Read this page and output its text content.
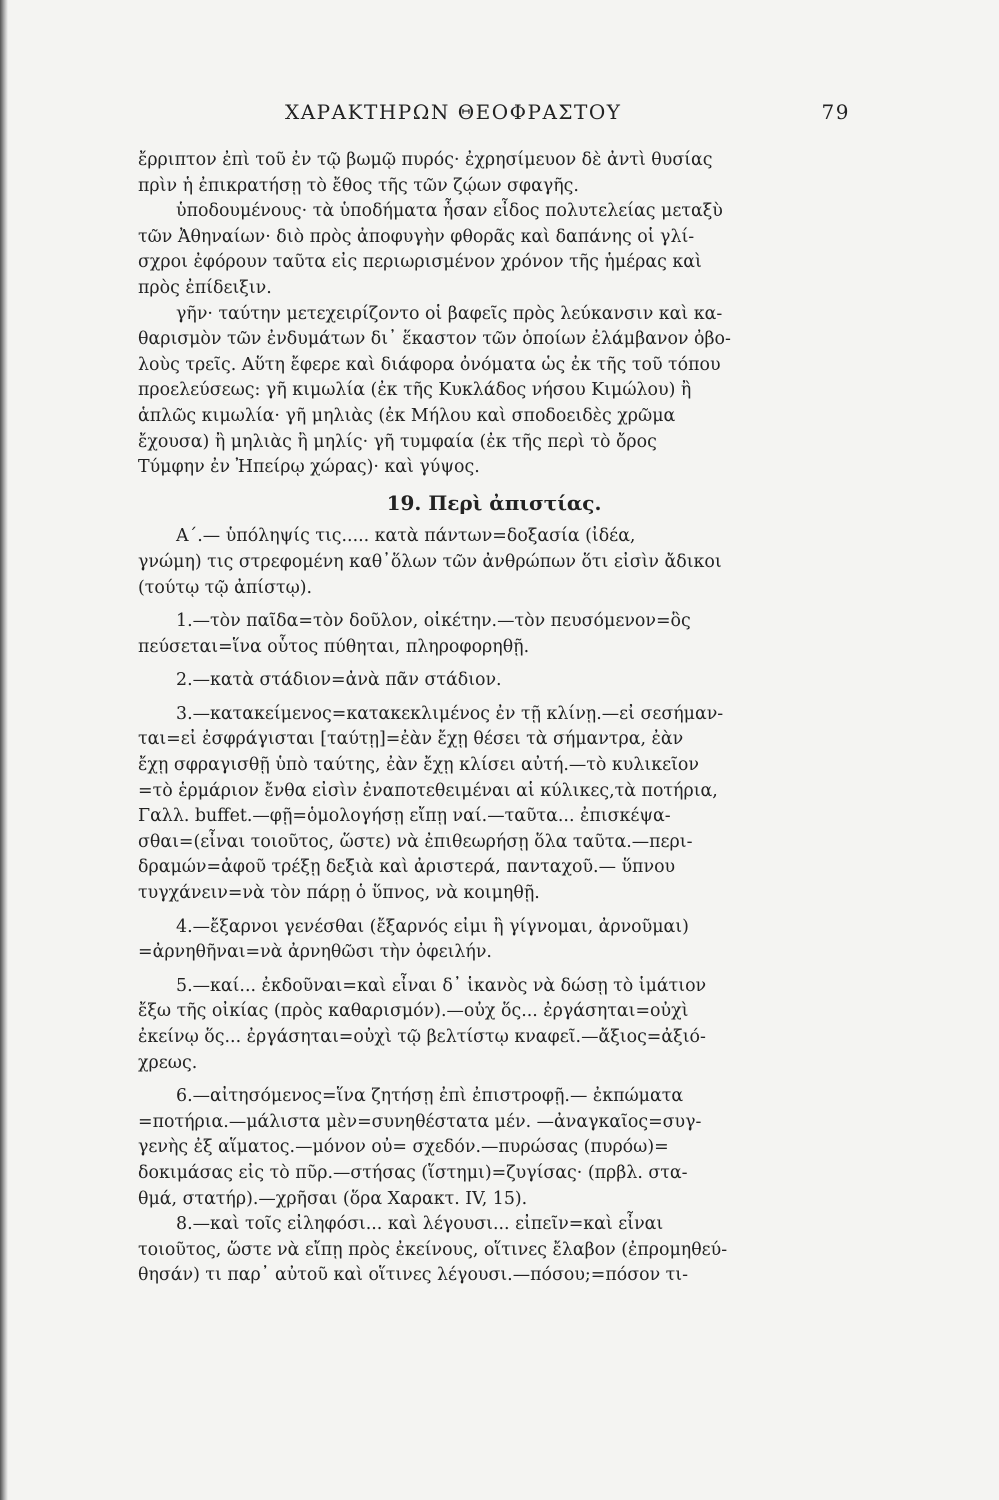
ΧΑΡΑΚΤΗΡΩΝ ΘΕΟΦΡΑΣΤΟΥ	79
ἔρριπτον ἐπὶ τοῦ ἐν τῷ βωμῷ πυρός· ἐχρησίμευον δὲ ἀντὶ θυσίας
πρὶν ἡ ἐπικρατήσῃ τὸ ἔθος τῆς τῶν ζῴων σφαγῆς.
ὑποδουμένους· τὰ ὑποδήματα ἦσαν εἶδος πολυτελείας μεταξὺ
τῶν Ἀθηναίων· διὸ πρὸς ἀποφυγὴν φθορᾶς καὶ δαπάνης οἱ γλί-
σχροι ἐφόρουν ταῦτα εἰς περιωρισμένον χρόνον τῆς ἡμέρας καὶ
πρὸς ἐπίδειξιν.
γῆν· ταύτην μετεχειρίζοντο οἱ βαφεῖς πρὸς λεύκανσιν καὶ κα-
θαρισμὸν τῶν ἐνδυμάτων δι᾽ ἕκαστον τῶν ὁποίων ἐλάμβανον ὀβο-
λοὺς τρεῖς. Αὕτη ἔφερε καὶ διάφορα ὀνόματα ὡς ἐκ τῆς τοῦ τόπου
προελεύσεως: γῆ κιμωλία (ἐκ τῆς Κυκλάδος νήσου Κιμώλου) ἢ
ἁπλῶς κιμωλία· γῆ μηλιὰς (ἐκ Μήλου καὶ σποδοειδὲς χρῶμα
ἔχουσα) ἢ μηλιὰς ἢ μηλίς· γῆ τυμφαία (ἐκ τῆς περὶ τὸ ὄρος
Τύμφην ἐν Ἠπείρῳ χώρας)· καὶ γύψος.
19. Περὶ ἀπιστίας.
Α΄.— ὑπόληψίς τις..... κατὰ πάντων=δοξασία (ἰδέα,
γνώμη) τις στρεφομένη καθ᾽ὅλων τῶν ἀνθρώπων ὅτι εἰσὶν ἄδικοι
(τούτῳ τῷ ἀπίστῳ).
1.—τὸν παῖδα=τὸν δοῦλον, οἰκέτην.—τὸν πευσόμενον=ὃς
πεύσεται=ἵνα οὗτος πύθηται, πληροφορηθῇ.
2.—κατὰ στάδιον=ἀνὰ πᾶν στάδιον.
3.—κατακείμενος=κατακεκλιμένος ἐν τῇ κλίνῃ.—εἰ σεσήμαν-
ται=εἰ ἐσφράγισται [ταύτῃ]=ἐὰν ἔχῃ θέσει τὰ σήμαντρα, ἐὰν
ἔχῃ σφραγισθῇ ὑπὸ ταύτης, ἐὰν ἔχῃ κλίσει αὐτή.—τὸ κυλικεῖον
=τὸ ἑρμάριον ἔνθα εἰσὶν ἐναποτεθειμέναι αἱ κύλικες,τὰ ποτήρια,
Γαλλ. buffet.—φῇ=ὁμολογήσῃ εἴπῃ ναί.—ταῦτα... ἐπισκέψα-
σθαι=(εἶναι τοιοῦτος, ὥστε) νὰ ἐπιθεωρήσῃ ὅλα ταῦτα.—περι-
δραμών=ἀφοῦ τρέξῃ δεξιὰ καὶ ἀριστερά, πανταχοῦ.— ὕπνου
τυγχάνειν=νὰ τὸν πάρῃ ὁ ὕπνος, νὰ κοιμηθῇ.
4.—ἔξαρνοι γενέσθαι (ἔξαρνός εἰμι ἢ γίγνομαι, ἀρνοῦμαι)
=ἀρνηθῆναι=νὰ ἀρνηθῶσι τὴν ὀφειλήν.
5.—καί... ἐκδοῦναι=καὶ εἶναι δ᾽ ἱκανὸς νὰ δώσῃ τὸ ἱμάτιον
ἔξω τῆς οἰκίας (πρὸς καθαρισμόν).—οὐχ ὅς... ἐργάσηται=οὐχὶ
ἐκείνῳ ὅς... ἐργάσηται=οὐχὶ τῷ βελτίστῳ κναφεῖ.—ἄξιος=ἀξιό-
χρεως.
6.—αἰτησόμενος=ἵνα ζητήσῃ ἐπὶ ἐπιστροφῇ.— ἐκπώματα
=ποτήρια.—μάλιστα μὲν=συνηθέστατα μέν. —ἀναγκαῖος=συγ-
γενὴς ἐξ αἵματος.—μόνον οὐ= σχεδόν.—πυρώσας (πυρόω)=
δοκιμάσας εἰς τὸ πῦρ.—στήσας (ἵστημι)=ζυγίσας· (πρβλ. στα-
θμά, στατήρ).—χρῆσαι (ὅρα Χαρακτ. IV, 15).
8.—καὶ τοῖς εἰληφόσι... καὶ λέγουσι... εἰπεῖν=καὶ εἶναι
τοιοῦτος, ὥστε νὰ εἴπῃ πρὸς ἐκείνους, οἵτινες ἔλαβον (ἐπρομηθεύ-
θησάν) τι παρ᾽ αὐτοῦ καὶ οἵτινες λέγουσι.—πόσου;=πόσον τι-
